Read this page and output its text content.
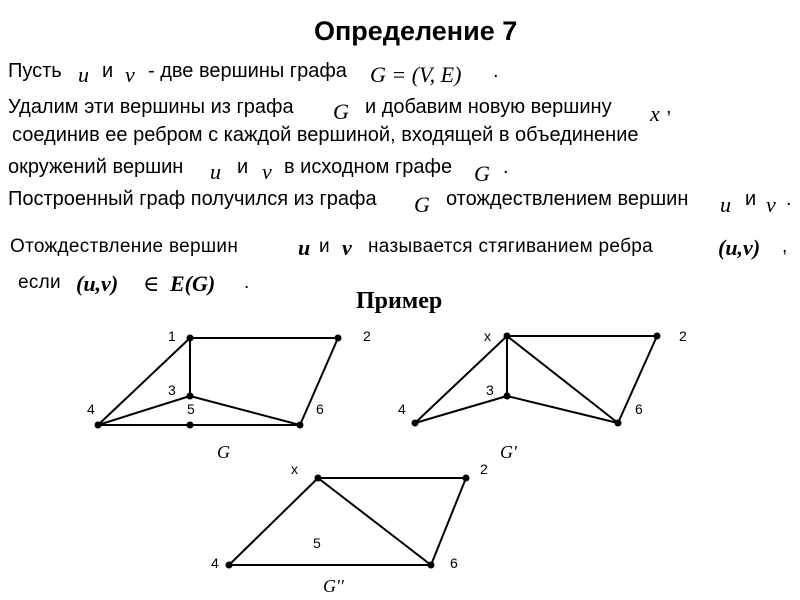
Определение 7
Пусть u и v - две вершины графа G = (V, E) .
Удалим эти вершины из графа G и добавим новую вершину x ,
соединив ее ребром с каждой вершиной, входящей в объединение
окружений вершин u и v в исходном графе G .
Построенный граф получился из графа G отождествлением вершин u и v .
Отождествление вершин	u и v называется стягиванием ребра	(u,v) ,
если (u,v) ∈ E(G) .
Пример
1	2
3
4	5	6
G
x	2
3
4	6
G'
x	2
4
5
6
G''
